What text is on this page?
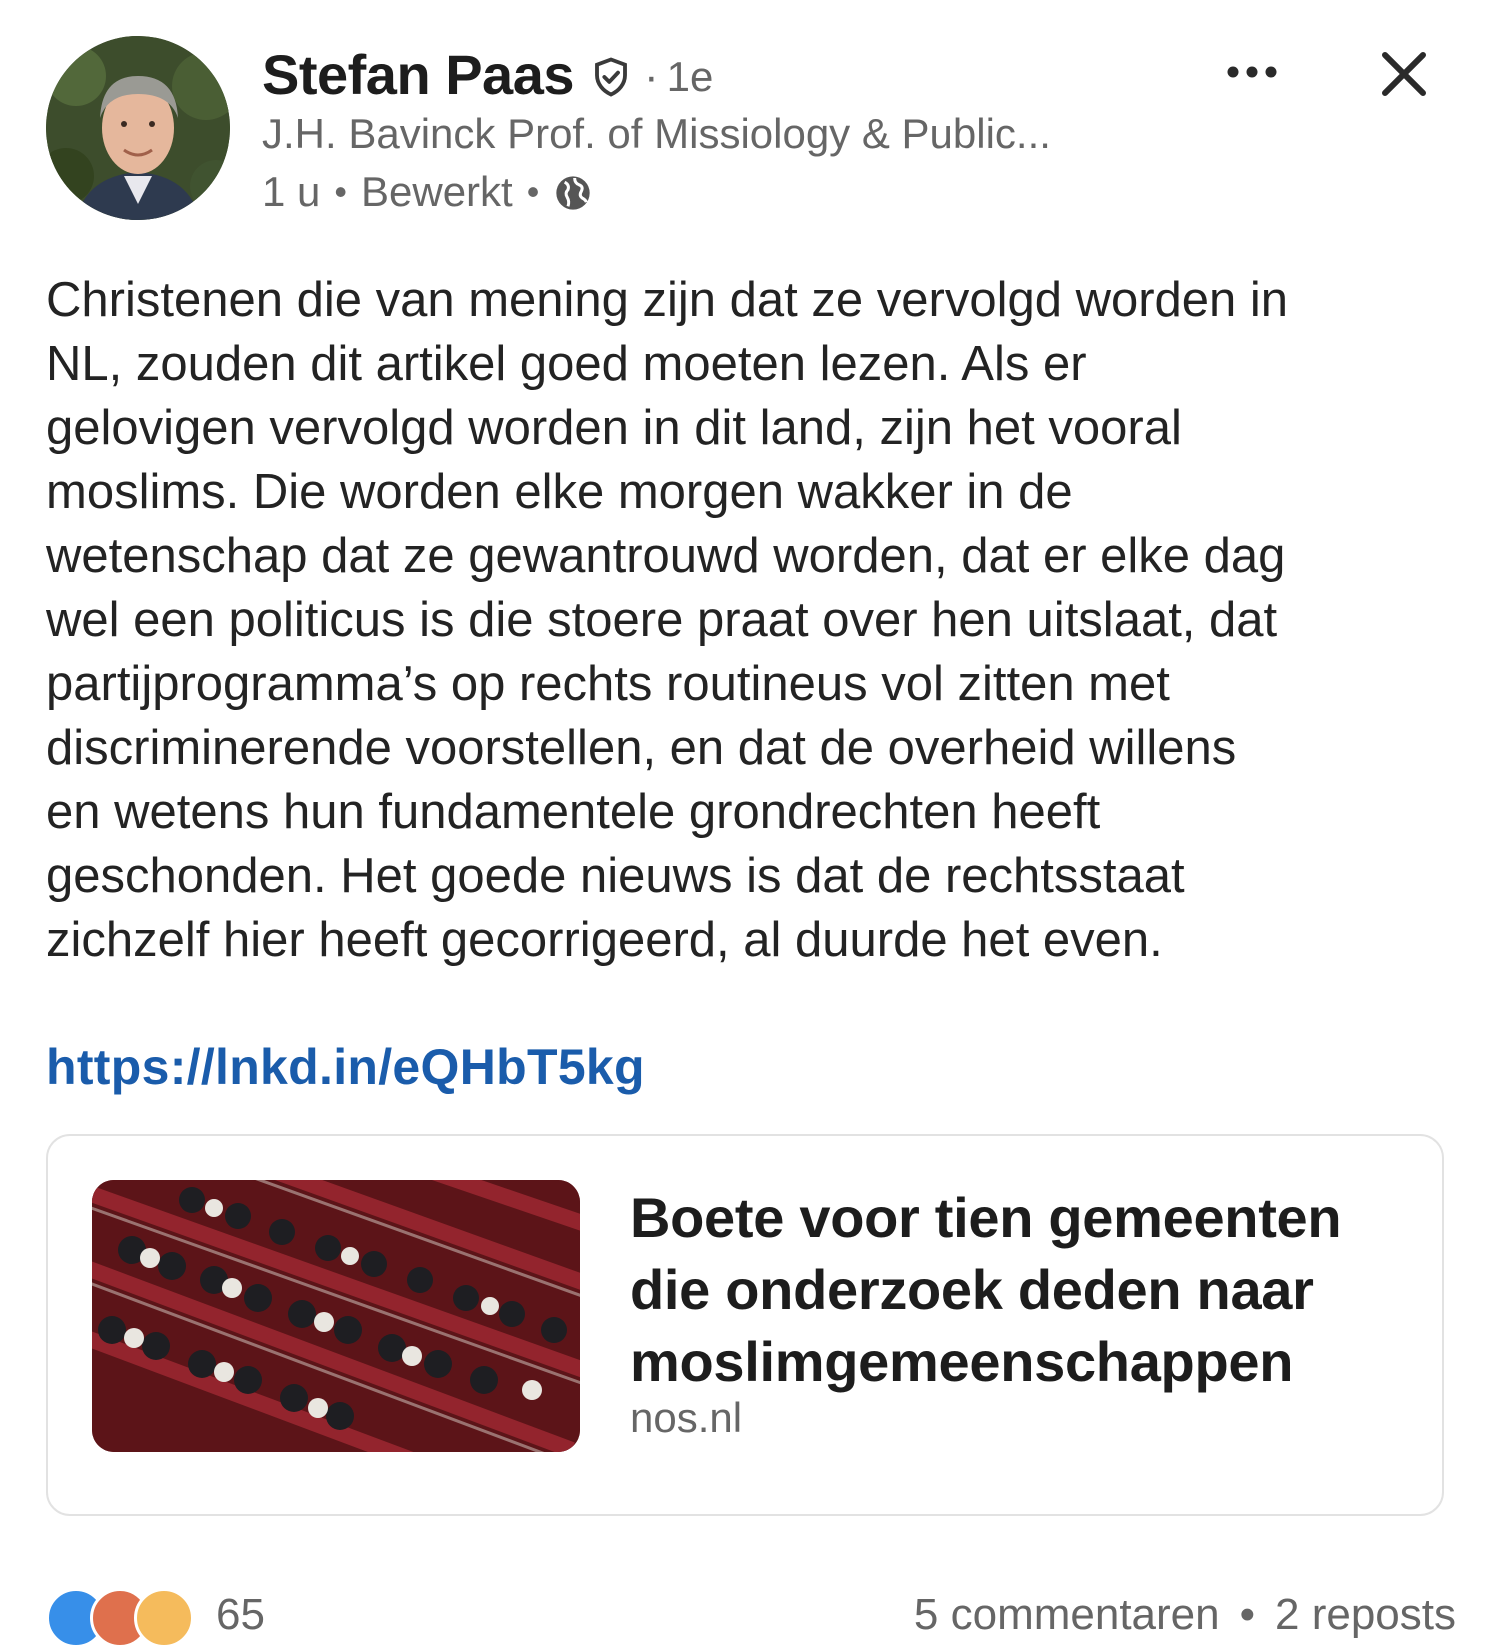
Stefan Paas · 1e
J.H. Bavinck Prof. of Missiology & Public...
1 u • Bewerkt •
Christenen die van mening zijn dat ze vervolgd worden in
NL, zouden dit artikel goed moeten lezen. Als er
gelovigen vervolgd worden in dit land, zijn het vooral
moslims. Die worden elke morgen wakker in de
wetenschap dat ze gewantrouwd worden, dat er elke dag
wel een politicus is die stoere praat over hen uitslaat, dat
partijprogramma’s op rechts routineus vol zitten met
discriminerende voorstellen, en dat de overheid willens
en wetens hun fundamentele grondrechten heeft
geschonden. Het goede nieuws is dat de rechtsstaat
zichzelf hier heeft gecorrigeerd, al duurde het even.
https://lnkd.in/eQHbT5kg
Boete voor tien gemeenten die onderzoek deden naar moslimgemeenschappen
nos.nl
65	5 commentaren • 2 reposts
